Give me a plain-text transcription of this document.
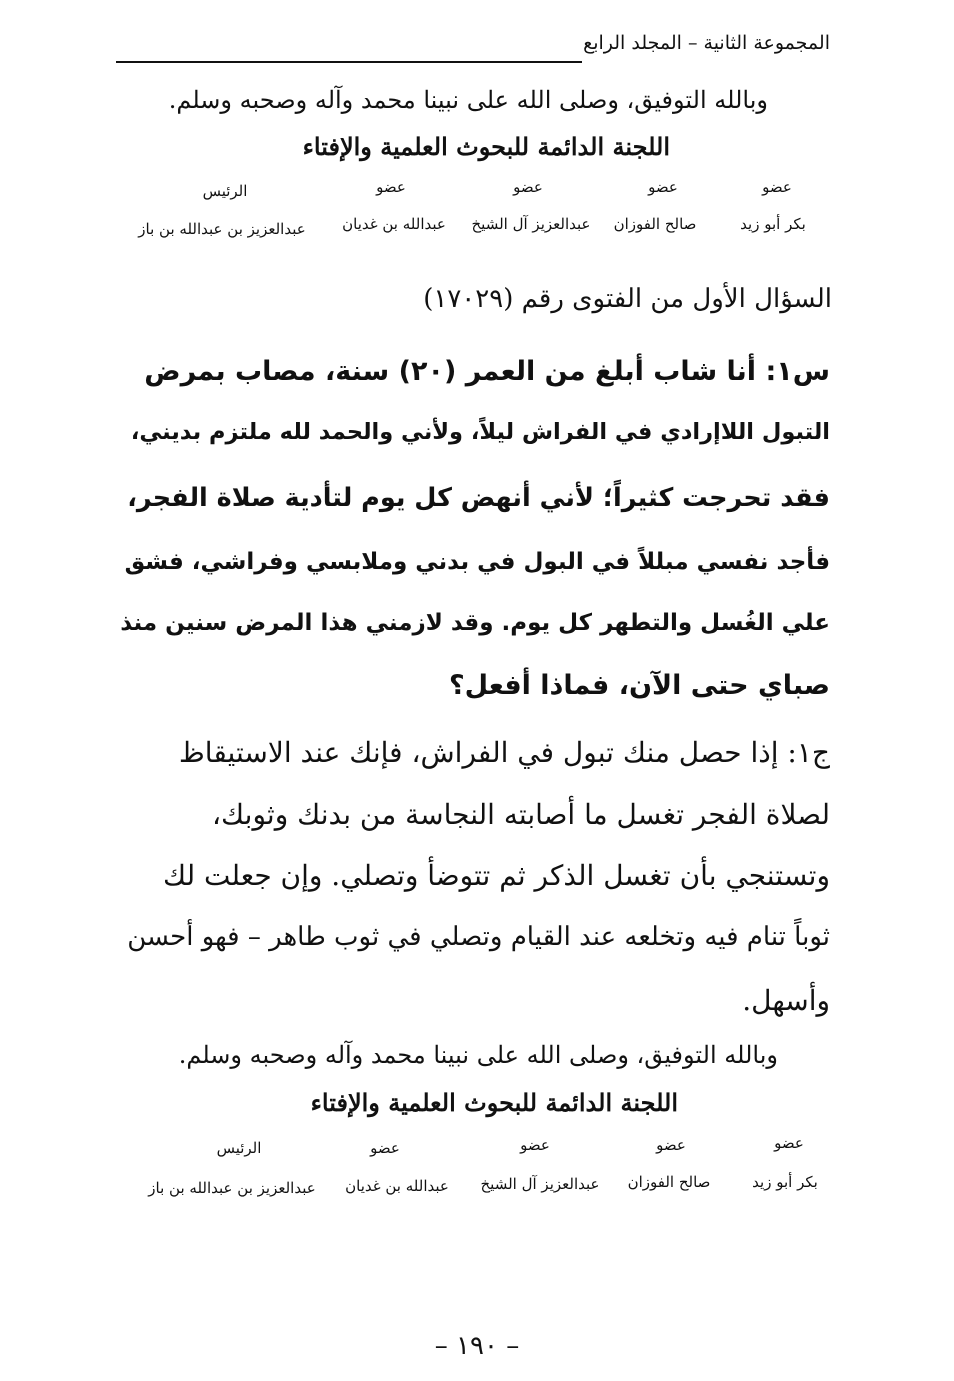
المجموعة الثانية – المجلد الرابع
وبالله التوفيق، وصلى الله على نبينا محمد وآله وصحبه وسلم.
اللجنة الدائمة للبحوث العلمية والإفتاء
عضو
عضو
عضو
عضو
الرئيس
بكر أبو زيد
صالح الفوزان
عبدالعزيز آل الشيخ
عبدالله بن غديان
عبدالعزيز بن عبدالله بن باز
السؤال الأول من الفتوى رقم (١٧٠٢٩)
س١: أنا شاب أبلغ من العمر (٢٠) سنة، مصاب بمرض
التبول اللاإرادي في الفراش ليلاً، ولأني والحمد لله ملتزم بديني،
فقد تحرجت كثيراً؛ لأني أنهض كل يوم لتأدية صلاة الفجر،
فأجد نفسي مبللاً في البول في بدني وملابسي وفراشي، فشق
علي الغُسل والتطهر كل يوم. وقد لازمني هذا المرض سنين منذ
صباي حتى الآن، فماذا أفعل؟
ج١: إذا حصل منك تبول في الفراش، فإنك عند الاستيقاظ
لصلاة الفجر تغسل ما أصابته النجاسة من بدنك وثوبك،
وتستنجي بأن تغسل الذكر ثم تتوضأ وتصلي. وإن جعلت لك
ثوباً تنام فيه وتخلعه عند القيام وتصلي في ثوب طاهر – فهو أحسن
وأسهل.
وبالله التوفيق، وصلى الله على نبينا محمد وآله وصحبه وسلم.
اللجنة الدائمة للبحوث العلمية والإفتاء
عضو
عضو
عضو
عضو
الرئيس
بكر أبو زيد
صالح الفوزان
عبدالعزيز آل الشيخ
عبدالله بن غديان
عبدالعزيز بن عبدالله بن باز
– ١٩٠ –
